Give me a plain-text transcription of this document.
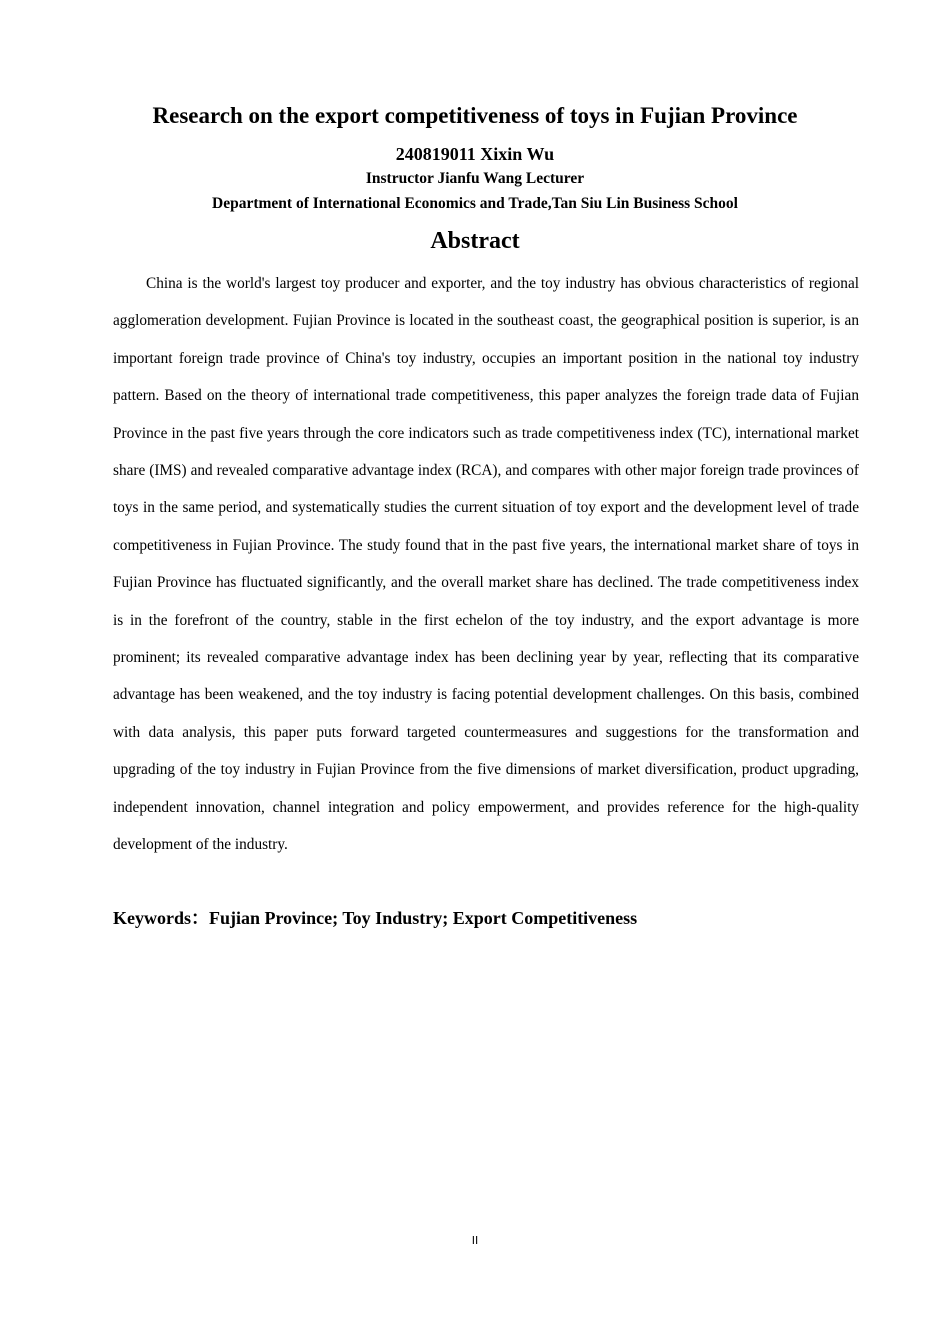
Research on the export competitiveness of toys in Fujian Province
240819011 Xixin Wu
Instructor Jianfu Wang Lecturer
Department of International Economics and Trade,Tan Siu Lin Business School
Abstract

China is the world's largest toy producer and exporter, and the toy industry has obvious characteristics of regional agglomeration development. Fujian Province is located in the southeast coast, the geographical position is superior, is an important foreign trade province of China's toy industry, occupies an important position in the national toy industry pattern. Based on the theory of international trade competitiveness, this paper analyzes the foreign trade data of Fujian Province in the past five years through the core indicators such as trade competitiveness index (TC), international market share (IMS) and revealed comparative advantage index (RCA), and compares with other major foreign trade provinces of toys in the same period, and systematically studies the current situation of toy export and the development level of trade competitiveness in Fujian Province. The study found that in the past five years, the international market share of toys in Fujian Province has fluctuated significantly, and the overall market share has declined. The trade competitiveness index is in the forefront of the country, stable in the first echelon of the toy industry, and the export advantage is more prominent; its revealed comparative advantage index has been declining year by year, reflecting that its comparative advantage has been weakened, and the toy industry is facing potential development challenges. On this basis, combined with data analysis, this paper puts forward targeted countermeasures and suggestions for the transformation and upgrading of the toy industry in Fujian Province from the five dimensions of market diversification, product upgrading, independent innovation, channel integration and policy empowerment, and provides reference for the high-quality development of the industry.

Keywords：Fujian Province; Toy Industry; Export Competitiveness

II
